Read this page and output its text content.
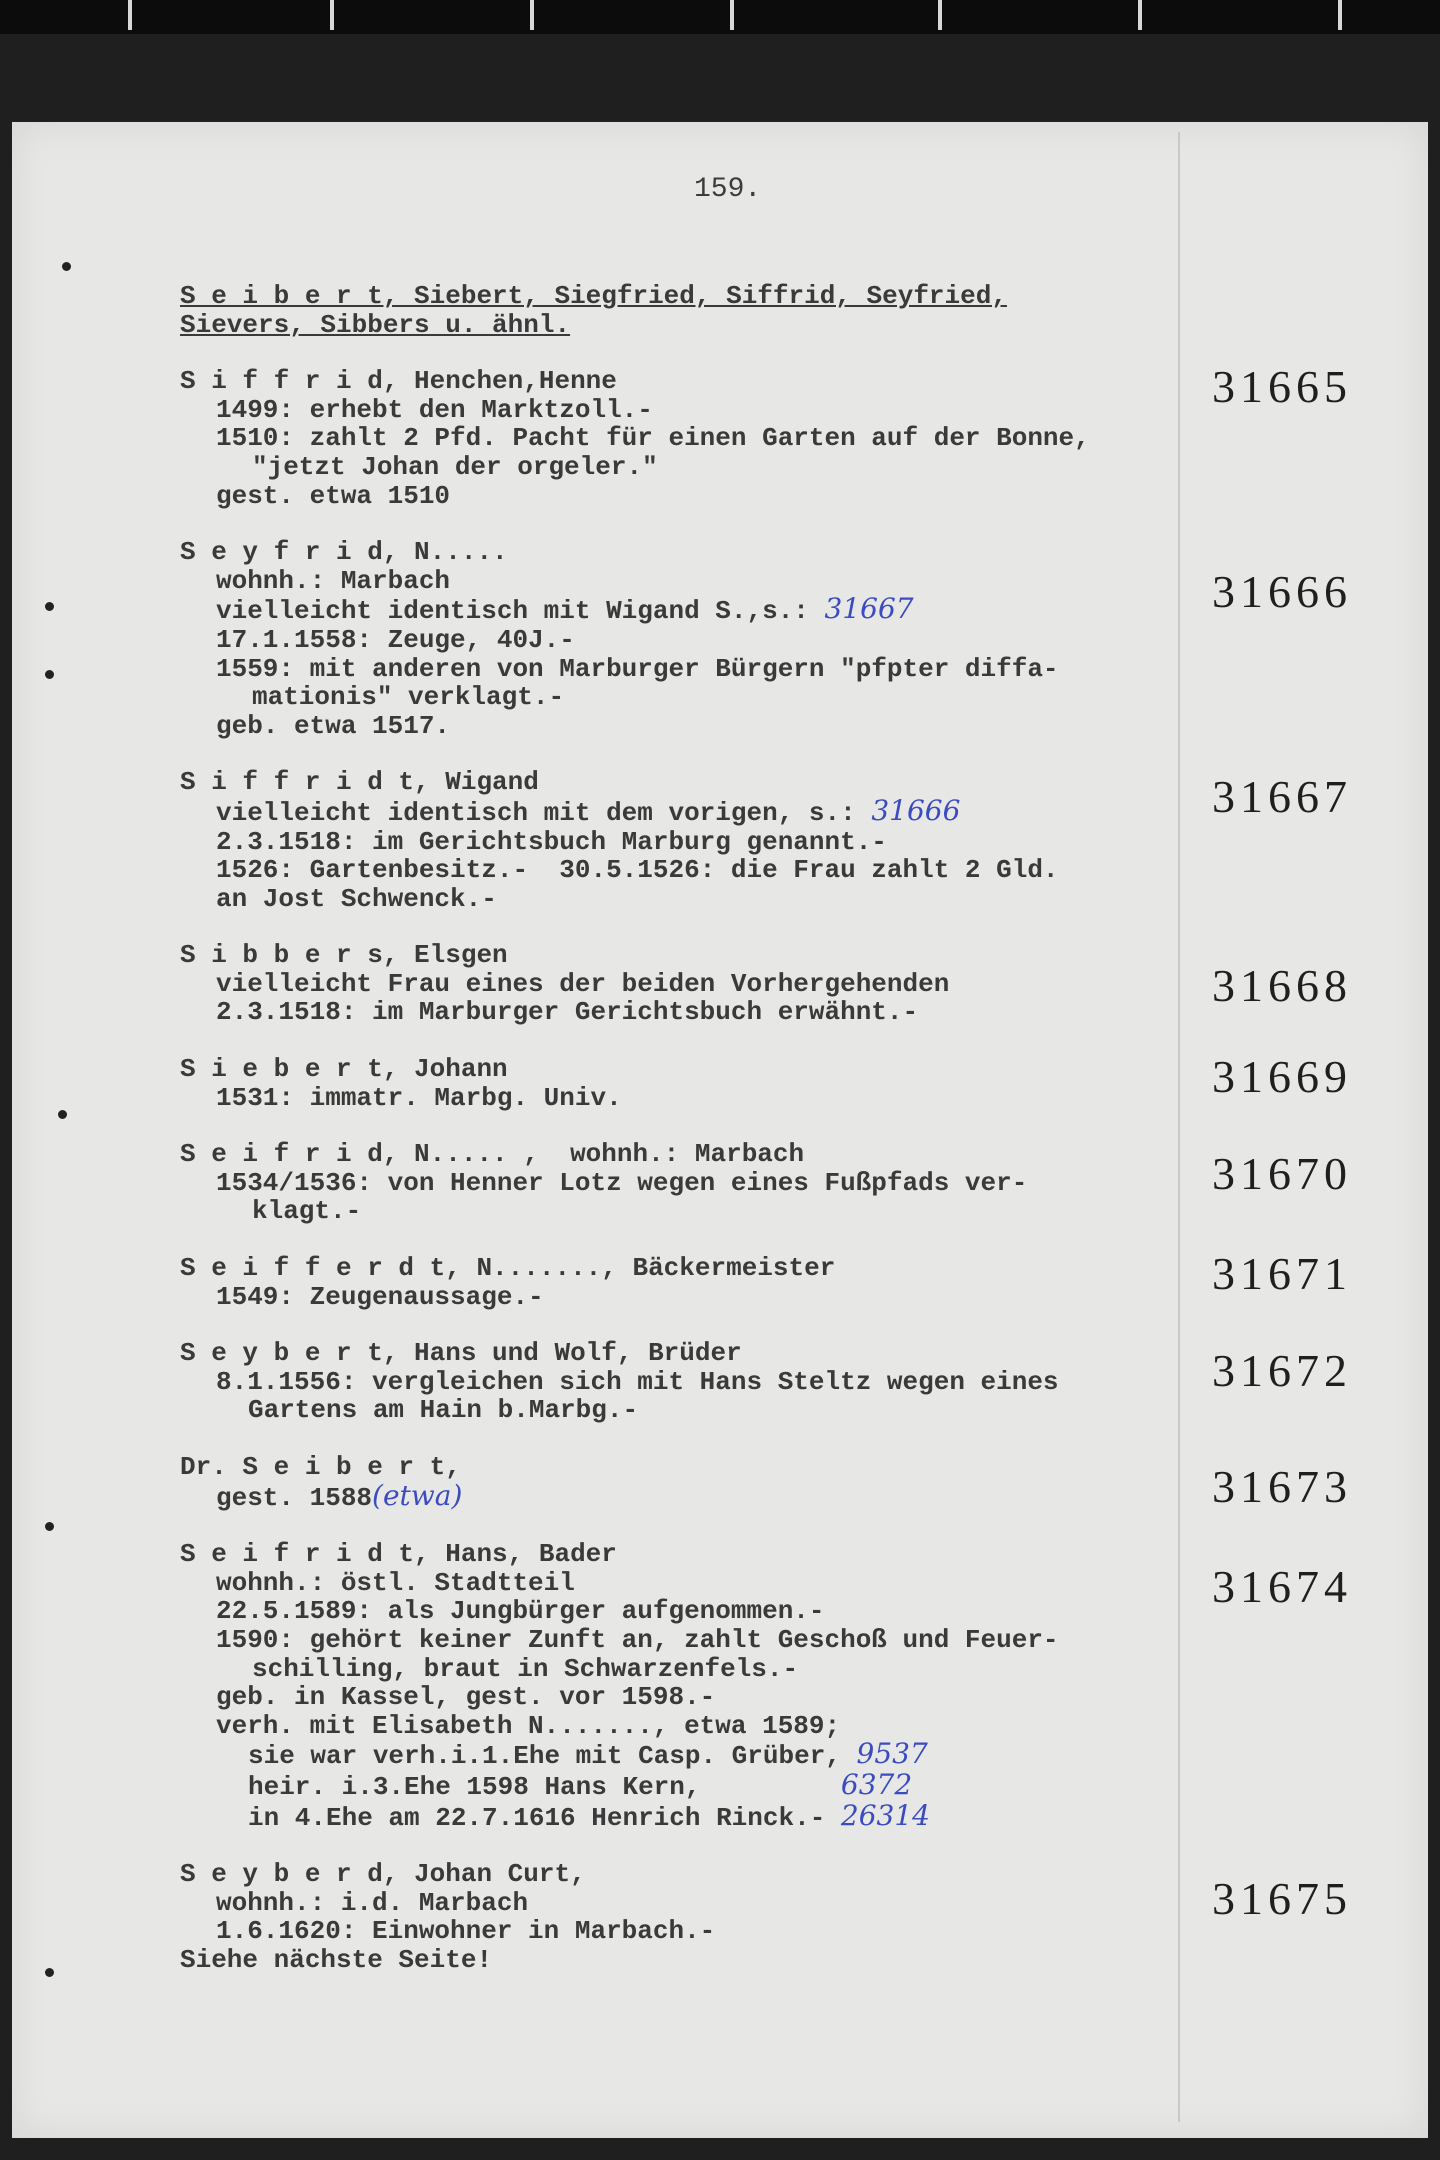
159.
31665
31666
31667
31668
31669
31670
31671
31672
31673
31674
31675
S e i b e r t, Siebert, Siegfried, Siffrid, Seyfried,
Sievers, Sibbers u. ähnl.
S i f f r i d, Henchen,Henne
1499: erhebt den Marktzoll.-
1510: zahlt 2 Pfd. Pacht für einen Garten auf der Bonne,
"jetzt Johan der orgeler."
gest. etwa 1510
S e y f r i d, N.....
wohnh.: Marbach
vielleicht identisch mit Wigand S.,s.: 31667
17.1.1558: Zeuge, 40J.-
1559: mit anderen von Marburger Bürgern "pfpter diffa-
mationis" verklagt.-
geb. etwa 1517.
S i f f r i d t, Wigand
vielleicht identisch mit dem vorigen, s.: 31666
2.3.1518: im Gerichtsbuch Marburg genannt.-
1526: Gartenbesitz.-  30.5.1526: die Frau zahlt 2 Gld.
an Jost Schwenck.-
S i b b e r s, Elsgen
vielleicht Frau eines der beiden Vorhergehenden
2.3.1518: im Marburger Gerichtsbuch erwähnt.-
S i e b e r t, Johann
1531: immatr. Marbg. Univ.
S e i f r i d, N..... ,  wohnh.: Marbach
1534/1536: von Henner Lotz wegen eines Fußpfads ver-
klagt.-
S e i f f e r d t, N......., Bäckermeister
1549: Zeugenaussage.-
S e y b e r t, Hans und Wolf, Brüder
8.1.1556: vergleichen sich mit Hans Steltz wegen eines
Gartens am Hain b.Marbg.-
Dr. S e i b e r t,
gest. 1588(etwa)
S e i f r i d t, Hans, Bader
wohnh.: östl. Stadtteil
22.5.1589: als Jungbürger aufgenommen.-
1590: gehört keiner Zunft an, zahlt Geschoß und Feuer-
schilling, braut in Schwarzenfels.-
geb. in Kassel, gest. vor 1598.-
verh. mit Elisabeth N......., etwa 1589;
sie war verh.i.1.Ehe mit Casp. Grüber, 9537
heir. i.3.Ehe 1598 Hans Kern,	6372
in 4.Ehe am 22.7.1616 Henrich Rinck.- 26314
S e y b e r d, Johan Curt,
wohnh.: i.d. Marbach
1.6.1620: Einwohner in Marbach.-
Siehe nächste Seite!
